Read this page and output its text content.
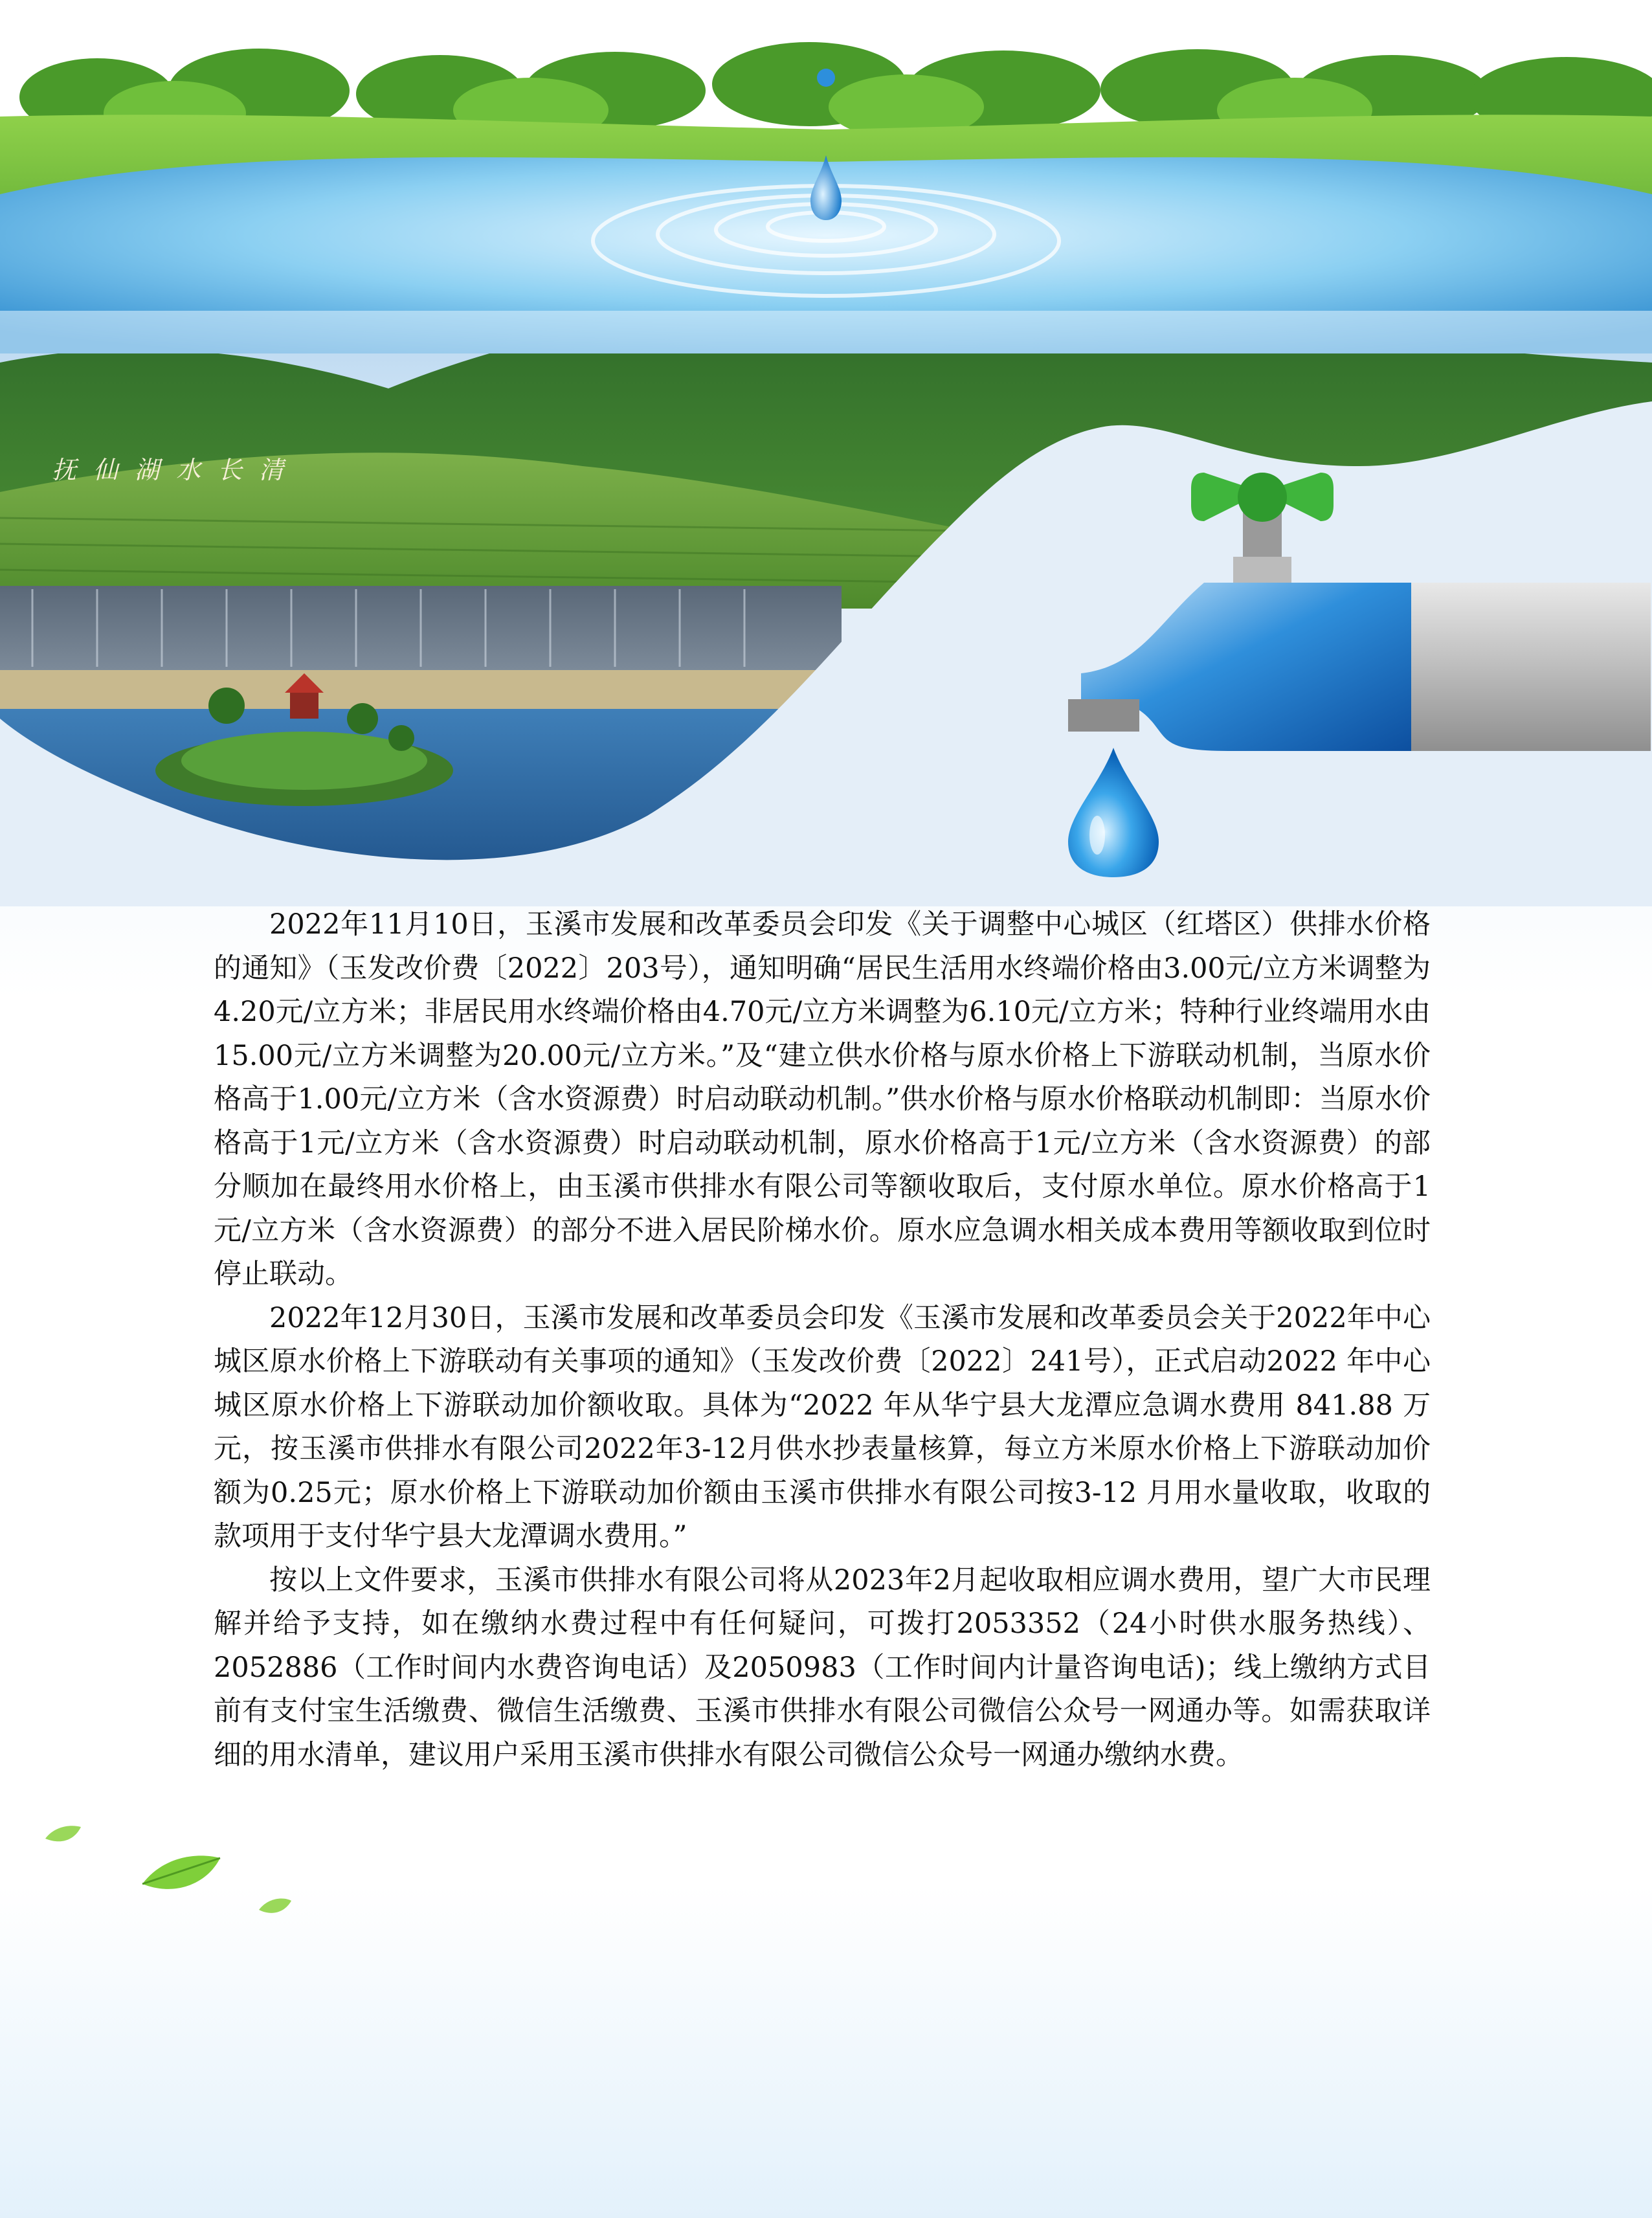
抚仙湖水长清

2022年11月10日，玉溪市发展和改革委员会印发《关于调整中心城区（红塔区）供排水价格的通知》（玉发改价费〔2022〕203号），通知明确“居民生活用水终端价格由3.00元/立方米调整为4.20元/立方米；非居民用水终端价格由4.70元/立方米调整为6.10元/立方米；特种行业终端用水由15.00元/立方米调整为20.00元/立方米。”及“建立供水价格与原水价格上下游联动机制，当原水价格高于1.00元/立方米（含水资源费）时启动联动机制。”供水价格与原水价格联动机制即：当原水价格高于1元/立方米（含水资源费）时启动联动机制，原水价格高于1元/立方米（含水资源费）的部分顺加在最终用水价格上，由玉溪市供排水有限公司等额收取后，支付原水单位。原水价格高于1元/立方米（含水资源费）的部分不进入居民阶梯水价。原水应急调水相关成本费用等额收取到位时停止联动。

2022年12月30日，玉溪市发展和改革委员会印发《玉溪市发展和改革委员会关于2022年中心城区原水价格上下游联动有关事项的通知》（玉发改价费〔2022〕241号），正式启动2022 年中心城区原水价格上下游联动加价额收取。具体为“2022 年从华宁县大龙潭应急调水费用 841.88 万元，按玉溪市供排水有限公司2022年3-12月供水抄表量核算，每立方米原水价格上下游联动加价额为0.25元；原水价格上下游联动加价额由玉溪市供排水有限公司按3-12 月用水量收取，收取的款项用于支付华宁县大龙潭调水费用。”

按以上文件要求，玉溪市供排水有限公司将从2023年2月起收取相应调水费用，望广大市民理解并给予支持，如在缴纳水费过程中有任何疑问，可拨打2053352（24小时供水服务热线）、2052886（工作时间内水费咨询电话）及2050983（工作时间内计量咨询电话)；线上缴纳方式目前有支付宝生活缴费、微信生活缴费、玉溪市供排水有限公司微信公众号一网通办等。如需获取详细的用水清单，建议用户采用玉溪市供排水有限公司微信公众号一网通办缴纳水费。
